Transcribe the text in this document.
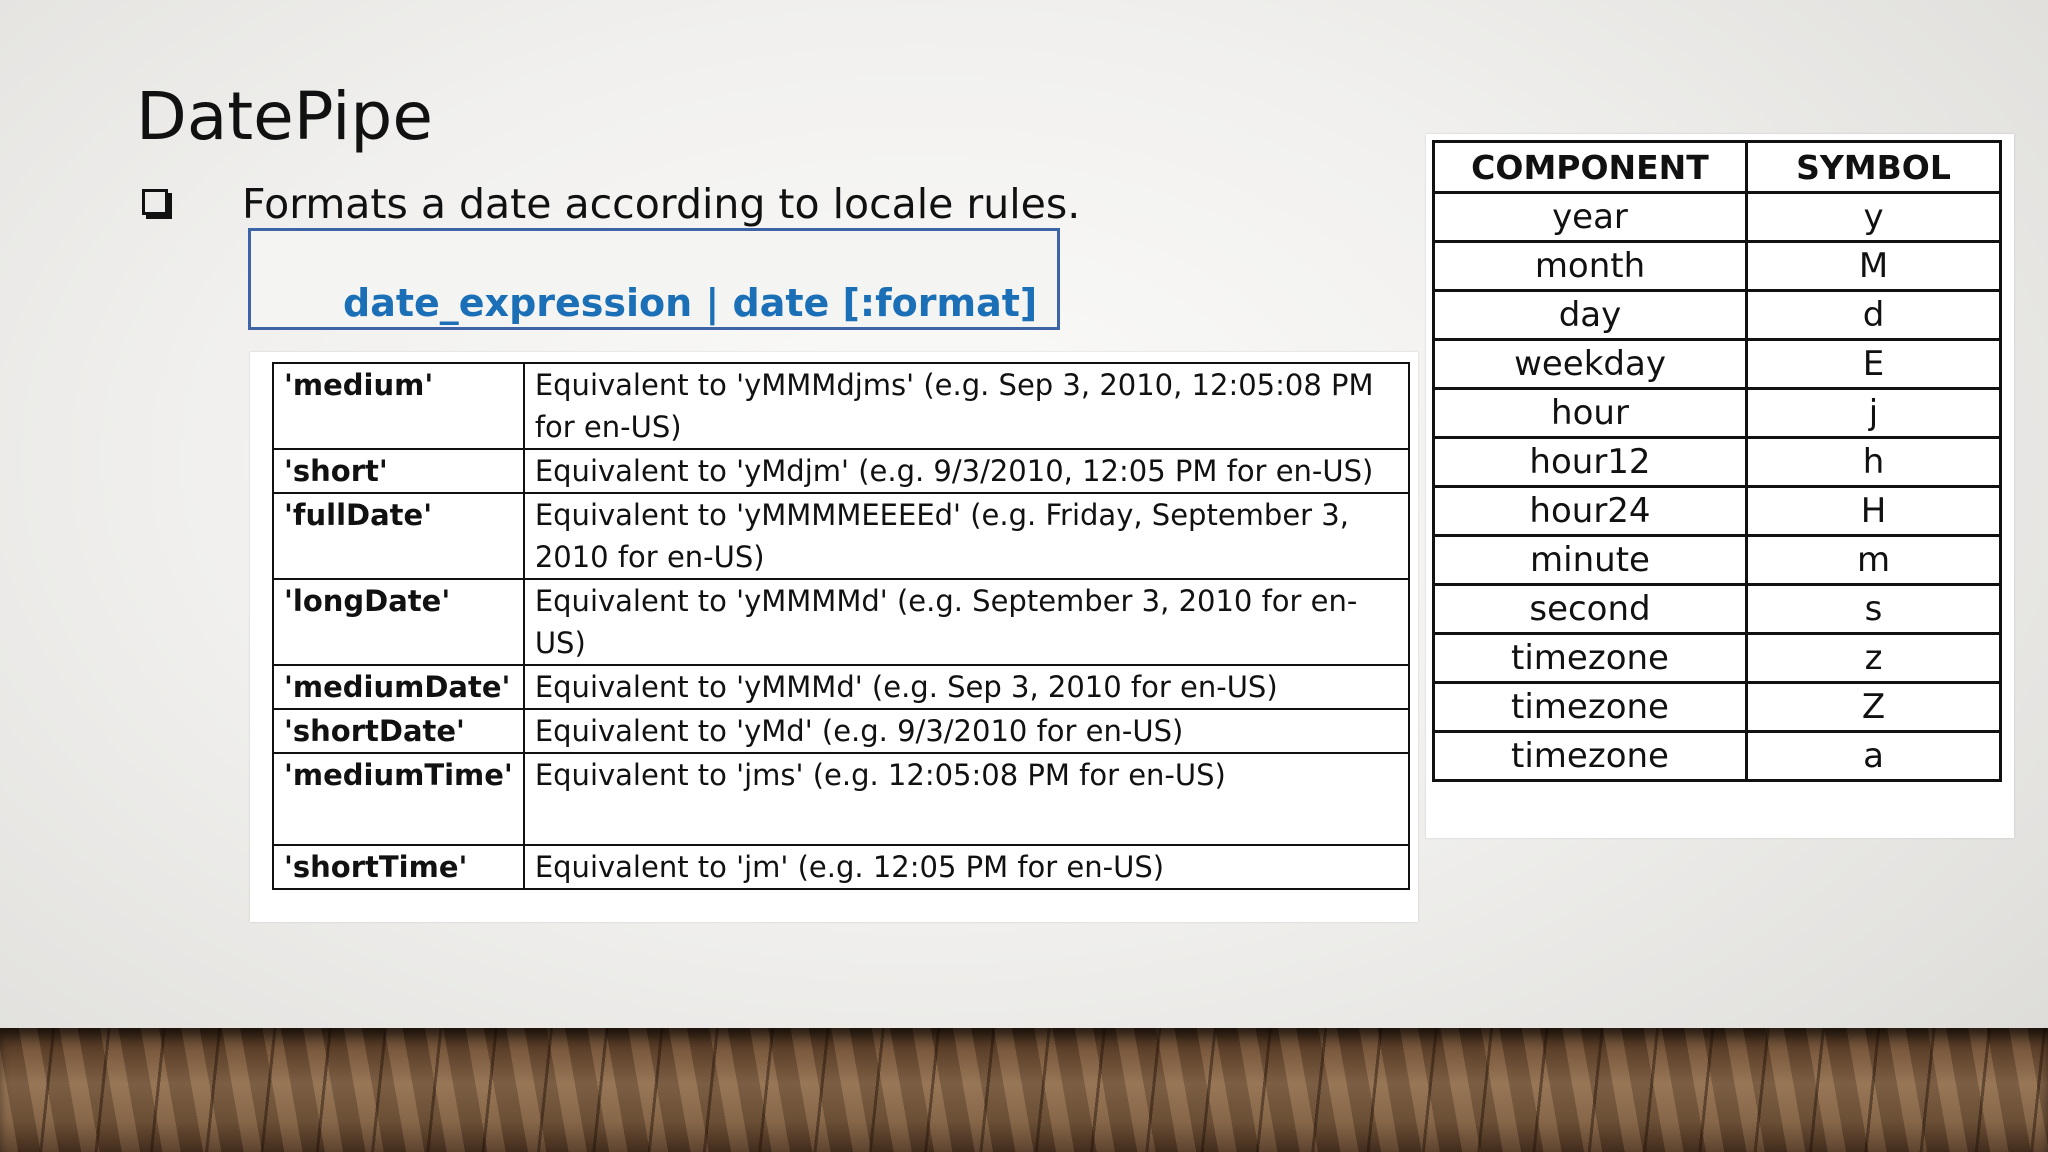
DatePipe
Formats a date according to locale rules.
date_expression | date [:format]
'medium'	Equivalent to 'yMMMdjms' (e.g. Sep 3, 2010, 12:05:08 PM for en-US)
'short'	Equivalent to 'yMdjm' (e.g. 9/3/2010, 12:05 PM for en-US)
'fullDate'	Equivalent to 'yMMMMEEEEd' (e.g. Friday, September 3, 2010 for en-US)
'longDate'	Equivalent to 'yMMMMd' (e.g. September 3, 2010 for en-US)
'mediumDate'	Equivalent to 'yMMMd' (e.g. Sep 3, 2010 for en-US)
'shortDate'	Equivalent to 'yMd' (e.g. 9/3/2010 for en-US)
'mediumTime'	Equivalent to 'jms' (e.g. 12:05:08 PM for en-US)
'shortTime'	Equivalent to 'jm' (e.g. 12:05 PM for en-US)
COMPONENT	SYMBOL
year	y
month	M
day	d
weekday	E
hour	j
hour12	h
hour24	H
minute	m
second	s
timezone	z
timezone	Z
timezone	a
